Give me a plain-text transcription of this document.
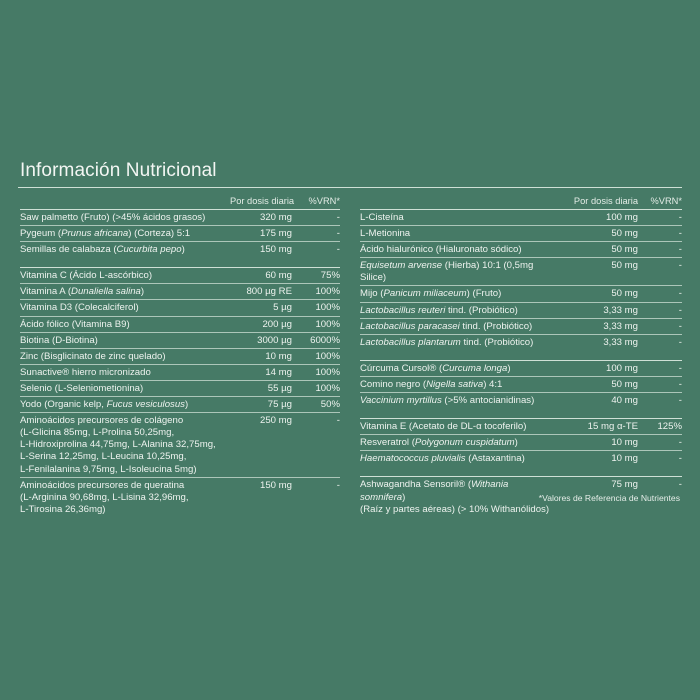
Información Nutricional
Por dosis diaria	%VRN*
Saw palmetto (Fruto) (>45% ácidos grasos)	320 mg	-
Pygeum (Prunus africana) (Corteza) 5:1	175 mg	-
Semillas de calabaza (Cucurbita pepo)	150 mg	-
Vitamina C (Ácido L-ascórbico)	60 mg	75%
Vitamina A (Dunaliella salina)	800 µg RE	100%
Vitamina D3 (Colecalciferol)	5 µg	100%
Ácido fólico (Vitamina B9)	200 µg	100%
Biotina (D-Biotina)	3000 µg	6000%
Zinc (Bisglicinato de zinc quelado)	10 mg	100%
Sunactive® hierro micronizado	14 mg	100%
Selenio (L-Selenіometionina)	55 µg	100%
Yodo (Organic kelp, Fucus vesiculosus)	75 µg	50%
Aminoácidos precursores de colágeno
(L-Glicina 85mg, L-Prolina 50,25mg,
L-Hidroxiprolina 44,75mg, L-Alanina 32,75mg,
L-Serina 12,25mg, L-Leucina 10,25mg,
L-Fenilalanina 9,75mg, L-Isoleucina 5mg)
250 mg	-
Aminoácidos precursores de queratina
(L-Arginina 90,68mg, L-Lisina 32,96mg,
L-Tirosina 26,36mg)
150 mg	-
Por dosis diaria	%VRN*
L-Cisteína	100 mg	-
L-Metionina	50 mg	-
Ácido hialurónico (Hialuronato sódico)	50 mg	-
Equisetum arvense (Hierba) 10:1 (0,5mg Silice)
50 mg	-
Mijo (Panicum miliaceum) (Fruto)	50 mg	-
Lactobacillus reuteri tind. (Probiótico)	3,33 mg	-
Lactobacillus paracasei tind. (Probiótico)	3,33 mg	-
Lactobacillus plantarum tind. (Probiótico)	3,33 mg	-
Cúrcuma Cursol® (Curcuma longa)	100 mg	-
Comino negro (Nigella sativa) 4:1	50 mg	-
Vaccinium myrtillus (>5% antocianidinas)	40 mg	-
Vitamina E (Acetato de DL-α tocoferilo)	15 mg α-TE	125%
Resveratrol (Polygonum cuspidatum)	10 mg	-
Haematococcus pluvialis (Astaxantina)	10 mg	-
Ashwagandha Sensoril® (Withania somnifera)
(Raíz y partes aéreas) (> 10% Withanólidos)
75 mg	-
*Valores de Referencia de Nutrientes
